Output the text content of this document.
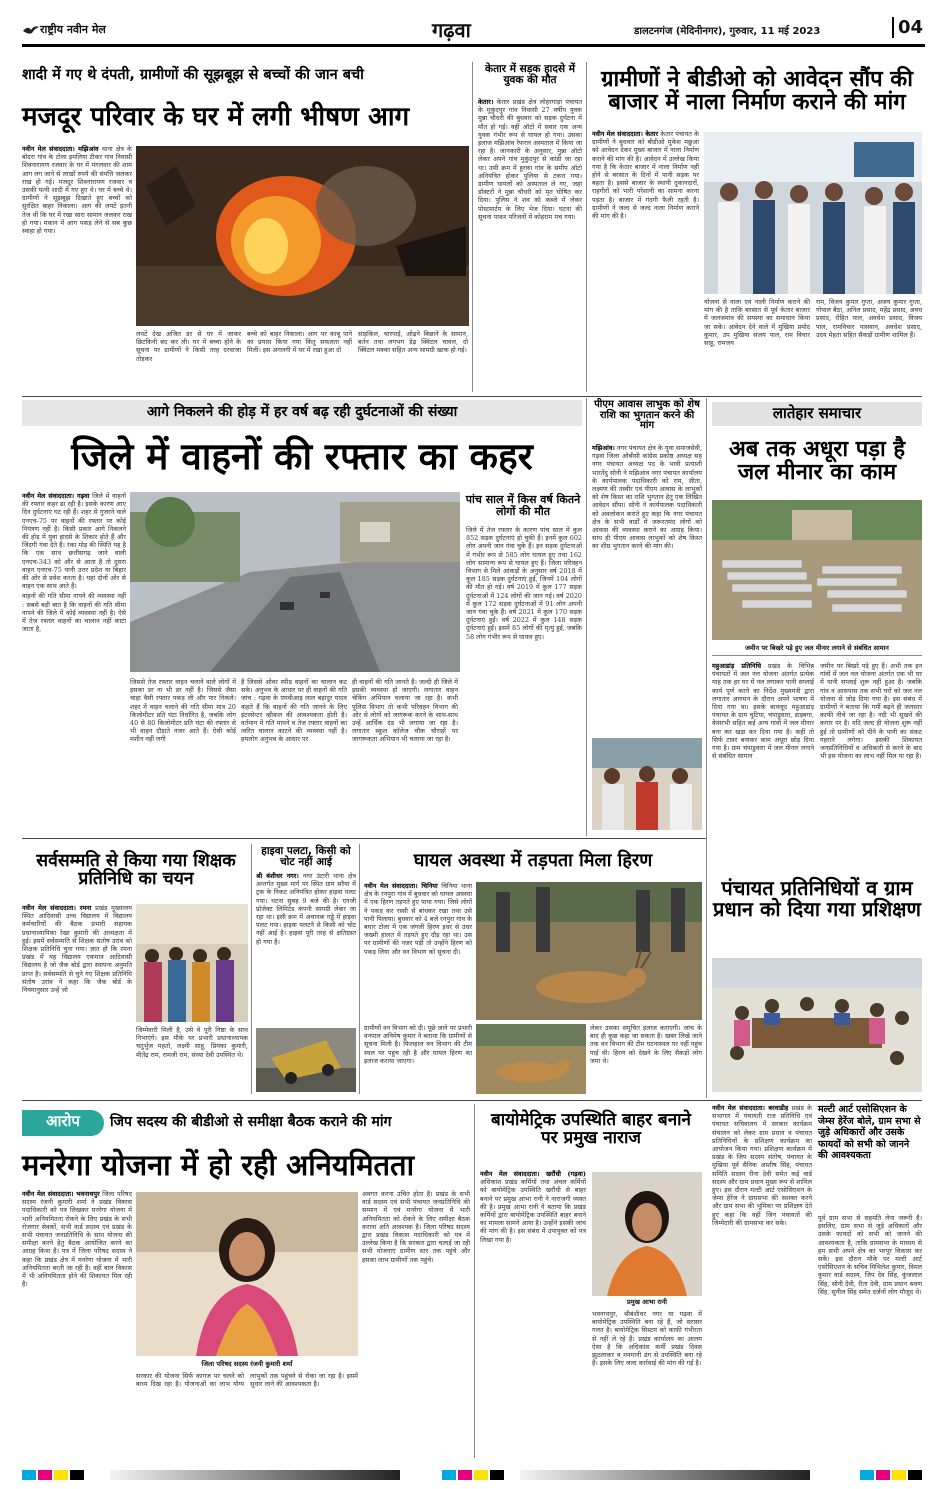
राष्ट्रीय नवीन मेल	गढ़वा	डालटनगंज (मेदिनीनगर), गुरुवार, 11 मई 2023	04
शादी में गए थे दंपती, ग्रामीणों की सूझबूझ से बच्चों की जान बची
मजदूर परिवार के घर में लगी भीषण आग

नवीन मेल संवाददाता। मझिआंव थाना क्षेत्र के बोदरा गांव के टोला इमलिया टीकर गांव निवासी शिवनारायण रजवार के घर में मंगलवार की शाम आग लग जाने से लाखों रुपये की संपत्ति जलकर राख हो गई। मजदूर शिवनारायण रजवार व उसकी पत्नी शादी में गए हुए थे। घर में बच्चे थे। ग्रामीणों ने सूझबूझ दिखाते हुए बच्चों को सुरक्षित बाहर निकाला। आग की लपटें इतनी तेज थीं कि घर में रखा सारा सामान जलकर राख हो गया। मकान में आग पकड़ लेने से सब कुछ स्वाहा हो गया।

लपटें देख अजित डर से घर में जाकर छिटकिनी बंद कर ली। घर में बच्चा होने के सूचना पर ग्रामीणों ने किसी तरह दरवाजा तोड़कर

बच्चे को बाहर निकाला। आग पर काबू पाने का प्रयास किया गया किंतु सफलता नहीं मिली। इस अगलगी में घर में रखा हुआ दो

साइकिल, चारपाई, ओढ़ने बिछाने के सामान, बर्तन तथा लगभग डेढ़ क्विंटल चावल, दो क्विंटल मक्का सहित अन्य सामग्री खाक हो गई।

केतार में सड़क हादसे में युवक की मौत

केतार। केतार प्रखंड क्षेत्र लोहरगाड़ा पंचायत के मुकुंदपुर गांव निवासी 27 वर्षीय युवक मुन्ना चौधरी की बुधवार को सड़क दुर्घटना में मौत हो गई। वहीं ऑटो में सवार एक अन्य युवक गंभीर रूप से घायल हो गया। उसका इलाज मझिआंव रेफरल अस्पताल में किया जा रहा है। जानकारी के अनुसार, मुन्ना ऑटो लेकर अपने गांव मुकुंदपुर से कांडी जा रहा था। उसी क्रम में हुरका गांव के समीप ऑटो अनियंत्रित होकर पुलिया से टकरा गया। ग्रामीण घायलों को अस्पताल ले गए, जहां डॉक्टरों ने मुन्ना चौधरी को मृत घोषित कर दिया। पुलिस ने शव को कब्जे में लेकर पोस्टमार्टम के लिए भेज दिया। घटना की सूचना पाकर परिजनों में कोहराम मच गया।

ग्रामीणों ने बीडीओ को आवेदन सौंप की बाजार में नाला निर्माण कराने की मांग

नवीन मेल संवाददाता। केतार केतार पंचायत के ग्रामीणों ने बुधवार को बीडीओ मुकेश मछुआ को आवेदन देकर मुख्य बाजार में नाला निर्माण कराने की मांग की है। आवेदन में उल्लेख किया गया है कि केतार बाजार में नाला निर्माण नहीं होने से बरसात के दिनों में पानी सड़क पर बहता है। इससे बाजार के स्थायी दुकानदारों, राहगीरों को भारी परेशानी का सामना करना पड़ता है। बाजार में गंदगी फैली रहती है। ग्रामीणों ने जल्द से जल्द नाला निर्माण कराने की मांग की है।

योजना से नाला एवं नाली निर्माण कराने की मांग की है ताकि बरसात से पूर्व केतार बाजार में जलजमाव की समस्या का समाधान किया जा सके। आवेदन देने वाले में मुखिया प्रमोद कुमार, उप मुखिया संजय पाल, राम विचार साहू, रामजय

राम, विजय कुमार गुप्ता, अजय कुमार गुप्ता, गोपाल बैठा, अनिल प्रसाद, महेंद्र प्रसाद, अवध प्रसाद, रोहित पाल, अवधेश प्रसाद, विजय पाल, रामविचार पासवान, अवधेश प्रसाद, उदय मेहता सहित सैकड़ों ग्रामीण शामिल हैं।

आगे निकलने की होड़ में हर वर्ष बढ़ रही दुर्घटनाओं की संख्या
जिले में वाहनों की रफ्तार का कहर

नवीन मेल संवाददाता। गढ़वा जिले में वाहनों की रफ्तार कहर ढा रही है। इसके कारण आए दिन दुर्घटनाएं घट रही हैं। शहर से गुजरने वाले एनएच-75 पर वाहनों की रफ्तार पर कोई नियंत्रण नहीं है। किसी प्रकार आगे निकलने की होड़ में युवा हादसे के शिकार होते हैं और जिंदगी गंवा देते हैं। रंका मोड़ की स्थिति यह है कि एक साथ छत्तीसगढ़ जाने वाली एनएच-343 को और से आता है तो दूसरा वाहन एनएच-75 यानी उत्तर प्रदेश या बिहार की ओर से प्रवेश करता है। यहां दोनों ओर से वाहन एक साथ आते हैं।

वाहनों की गति सीमा नापने की व्यवस्था नहीं : सबसे बड़ी बात है कि वाहनों की गति सीमा नापने की जिले में कोई व्यवस्था नहीं है। ऐसे में तेज रफ्तार वाहनों का चालान नहीं काटा जाता है,

जिससे तेज रफ्तार वाहन चलाने वाले लोगों में इसका डर ना भी डर नहीं है। जिससे जैसा चाहा वैसी रफ्तार पकड़ ली और पार निकले। शहर में वाहन चलाने की गति सीमा मात्र 20 किलोमीटर प्रति घंटा निर्धारित है, जबकि लोग 40 से 80 किलोमीटर प्रति घंटा की रफ्तार से भी वाहन दौड़ाते नजर आते हैं। ऐसी कोई मशीन नहीं लगी

है जिससे ओवर स्पीड वाहनों का चालान कट सके। अनुभव के आधार पर ही वाहनों की गति जांच : गढ़वा के एमवीआइ लाल बहादुर यादव कहते हैं कि वाहनों की गति जानने के लिए इंटरसेप्टर व्हीकल की आवश्यकता होती है। वर्तमान में गति मापने व तेज रफ्तार वाहनों का त्वरित चालान काटने की व्यवस्था नहीं है। हमलोग अनुभव के आधार पर

ही वाहनों की गति जानते हैं। जल्दी ही जिले में इसकी व्यवस्था हो जाएगी। लगातार वाहन चेकिंग अभियान चलाया जा रहा है। कभी पुलिस विभाग तो कभी परिवहन विभाग की ओर से लोगों को जागरूक करने के साथ-साथ उन्हें आर्थिक दंड भी लगाया जा रहा है। लगातार स्कूल कॉलेज चौक चौराहों पर जागरूकता अभियान भी चलाया जा रहा है।

पांच साल में किस वर्ष कितने लोगों की मौत

जिले में तेज रफ्तार के कारण पांच साल में कुल 852 सड़क दुर्घटनाएं हो चुकी हैं। इनमें कुल 602 लोग अपनी जान गंवा चुके हैं। इन सड़क दुर्घटनाओं में गंभीर रूप से 585 लोग घायल हुए तथा 162 लोग सामान्य रूप से घायल हुए हैं। जिला परिवहन विभाग से मिले आंकड़ों के अनुसार वर्ष 2018 में कुल 185 सड़क दुर्घटनाएं हुईं, जिनमें 104 लोगों की मौत हो गई। वर्ष 2019 में कुल 177 सड़क दुर्घटनाओं में 124 लोगों की जान गई। वर्ष 2020 में कुल 172 सड़क दुर्घटनाओं में 91 लोग अपनी जान गंवा चुके हैं। वर्ष 2021 में कुल 170 सड़क दुर्घटनाएं हुईं। वर्ष 2022 में कुल 148 सड़क दुर्घटनाएं हुईं। इसमें 85 लोगों की मृत्यु हुई, जबकि 58 लोग गंभीर रूप से घायल हुए।

पीएम आवास लाभुक को शेष राशि का भुगतान करने की मांग

मझिआंव। नगर पंचायत क्षेत्र के युवा समाजसेवी, गढ़वा जिला ओबीसी कांग्रेस प्रकोष्ठ अध्यक्ष सह नगर पंचायत अध्यक्ष पद के भावी प्रत्याशी भारतेंदु सोनी ने मझिआंव नगर पंचायत कार्यालय के कार्यपालक पदाधिकारी को राम, सीता, लक्ष्मण की तस्वीर एवं पीएम आवास के लाभुकों को शेष किस्त का राशि भुगतान हेतु एक लिखित आवेदन सौंपा। सोनी ने कार्यपालक पदाधिकारी को अवलोकन कराते हुए कहा कि नगर पंचायत क्षेत्र के सभी वार्डों में जरूरतमंद लोगों को आवास की व्यवस्था कराने का आग्रह किया। साथ ही पीएम आवास लाभुकों को शेष किस्त का शीघ्र भुगतान करने की मांग की।

लातेहार समाचार
अब तक अधूरा पड़ा है जल मीनार का काम
जमीन पर बिखरे पड़े हुए जल मीनार लगाने से संबंधित सामान

महुआडांड़ प्रतिनिधि प्रखंड के विभिन्न पंचायतों में जल नल योजना अंतर्गत प्रत्येक माह तक हर घर में नल लगाकर पानी सप्लाई कार्य पूर्ण करने का निर्देश मुख्यमंत्री द्वारा लगातार आगमन के दौरान अपने भाषण में दिया गया था। इसके बावजूद महुआडांड़ पंचायत के ग्राम चुटिया, चंपाडुवारा, डाड़बगा, केसरभी सहित कई अन्य गांवों में जल मीनार बना कर खड़ा कर दिया गया है। कहीं तो सिर्फ टावर बनाकर काम अधूरा छोड़ दिया गया है। ग्राम चंपाडुवारा में जल मीनार लगाने से संबंधित सामान

जमीन पर बिखरे पड़े हुए हैं। अभी तक इन गांवों में जल नल योजना अंतर्गत एक भी घर में पानी सप्लाई शुरू नहीं हुआ है। जबकि गांव व आसपास तक सभी घरों को जल नल योजना से जोड़ दिया गया है। इस संबंध में ग्रामीणों ने बताया कि गर्मी बढ़ने ही जलस्तर काफी नीचे जा रहा है। नदी भी सूखने की कगार पर है। यदि जल्द ही योजना शुरू नहीं हुई तो ग्रामीणों को पीने के पानी का संकट गहराने लगेगा। इसकी शिकायत जनप्रतिनिधियों व अधिकारी से करने के बाद भी इस योजना का लाभ नहीं मिल पा रहा है।

सर्वसम्मति से किया गया शिक्षक प्रतिनिधि का चयन

नवीन मेल संवाददाता। रमना प्रखंड मुख्यालय स्थित आदिवासी उच्च विद्यालय में विद्यालय कर्मचारियों की बैठक प्रभारी सहायक प्रधानाध्यापिका रेखा कुमारी की अध्यक्षता में हुई। इसमें सर्वसम्मति से शिक्षक संतोष उरांव को शिक्षक प्रतिनिधि चुना गया। ज्ञात हो कि रमना प्रखंड में यह विद्यालय एकमात्र आदिवासी विद्यालय है जो जैक बोर्ड द्वारा स्थापना अनुमति प्राप्त है। सर्वसम्मति से चुने गए शिक्षक प्रतिनिधि संतोष उरांव ने कहा कि जैक बोर्ड के नियमानुसार उन्हें जो

जिम्मेवारी मिली है, उसे वे पूरी निष्ठा के साथ निभाएंगे। इस मौके पर प्रभारी प्रधानाध्यापक चतुर्भुज महतो, लक्ष्मी साहू, प्रियंका कुमारी, मीतेंद्र राम, रामजी राम, संध्या देवी उपस्थित थे।

हाइवा पलटा, किसी को चोट नहीं आई

श्री बंशीधर नगर। नगर उंटारी थाना क्षेत्र अन्तर्गत मुख्य मार्ग पर स्थित ग्राम सरैया में ट्रक के निकट अनियंत्रित होकर हाइवा पलट गया। घटना सुबह 9 बजे की है। एनजी प्रोजेक्ट लिमिटेड कंपनी सामग्री लेकर जा रहा था। इसी क्रम में अचानक गड्ढे में हाइवा पलट गया। हाइवा पलटने से किसी को चोट नहीं आई है। हाइवा पूरी तरह से क्षतिग्रस्त हो गया है।

घायल अवस्था में तड़पता मिला हिरण

नवीन मेल संवाददाता। चिनिया चिनिया थाना क्षेत्र के रनपुरा गांव में बुधवार को घायल अवस्था में एक हिरण तड़पते हुए पाया गया। जिसे लोगों ने पकड़ कर रस्सी से बांधकर रखा तथा उसे पानी पिलाया। बुधवार को 4 बजे रनपुरा गांव के बघार टोला में एक जंगली हिरण इधर से उधर जख्मी हालत में तड़पते हुए दौड़ रहा था। उस पर ग्रामीणों की नजर पड़ी तो उन्होंने हिरण को पकड़ लिया और वन विभाग को सूचना दी।

ग्रामीणों वन विभाग को दी। पूछे जाने पर प्रभारी वनपाल अनिमेष कुमार ने बताया कि ग्रामीणों से सूचना मिली है। फिलहाल वन विभाग की टीम स्थल पर पहुंच रही है और घायल हिरण का इलाज कराया जाएगा।

लेकर उसका समुचित इलाज कराएगी। जांच के बाद ही कुछ कहा जा सकता है। खबर लिखे जाने तक वन विभाग की टीम घटनास्थल पर नहीं पहुंच पाई थी। हिरण को देखने के लिए सैकड़ों लोग जमा थे।

पंचायत प्रतिनिधियों व ग्राम प्रधान को दिया गया प्रशिक्षण

नवीन मेल संवाददाता। बरवाडीह प्रखंड के सभागार में पंचायती राज प्रतिनिधि एवं पंचायत सचिवालय में सरकार कार्यक्रम संचालन को लेकर ग्राम प्रधान व पंचायत प्रतिनिधियों के प्रशिक्षण कार्यक्रम का आयोजन किया गया। प्रशिक्षण कार्यक्रम में प्रखंड के जिप सदस्य संतोष, पंचायत के मुखिया पूर्व सैनिक आशीष सिंह, पंचायत समिति सदस्य रीना देवी समेत कई वार्ड सदस्य और ग्राम प्रधान मुख्य रूप से शामिल हुए। इस दौरान मल्टी आर्ट एसोसिएशन के जेम्स हेरेंज ने ग्रामसभा की सशक्त करने और ग्राम सभा की भूमिका पर प्रशिक्षण देते हुए कहा कि वहीं जिन पंचायतों की जिम्मेदारी की ग्रामसभा कर सके।

मल्टी आर्ट एसोसिएशन के जेम्स हेरेंज बोले, ग्राम सभा से जुड़े अधिकारों और उसके फायदों को सभी को जानने की आवश्यकता

पूर्व ग्राम सभा से सहमति लेना जरूरी है। इसलिए, ग्राम सभा से जुड़े अधिकारों और उसके फायदों को सभी को जानने की आवश्यकता है, ताकि ग्रामसभा के माध्यम से हम सभी अपने क्षेत्र का भरपूर विकास कर सकें। इस दौरान मौके पर मल्टी आर्ट एसोसिएशन के सचिव मिथिलेश कुमार, विमल कुमार वार्ड सदस्य, जिप देव सिंह, कुंजलाल सिंह, सोनी देवी, रीता देवी, ग्राम प्रधान श्रवण सिंह, सुनील सिंह समेत दर्जनों लोग मौजूद थे।

आरोप	जिप सदस्य की बीडीओ से समीक्षा बैठक कराने की मांग
मनरेगा योजना में हो रही अनियमितता

नवीन मेल संवाददाता। भवनाथपुर जिला परिषद सदस्य रंजनी कुमारी शर्मा ने प्रखंड विकास पदाधिकारी को पत्र लिखकर मनरेगा योजना में भारी अनियमितता रोकने के लिए प्रखंड के सभी रोजगार सेवकों, सभी वार्ड सदस्य एवं प्रखंड के सभी पंचायत जनप्रतिनिधि के साथ योजना की समीक्षा करने हेतु बैठक आयोजित करने का आग्रह किया है। पत्र में जिला परिषद सदस्य ने कहा कि प्रखंड क्षेत्र में मनरेगा योजना में भारी अनियमितता बरती जा रही है। वहीं बाल विकास में भी अनियमितता होने की शिकायत मिल रही है।

जिला परिषद सदस्य रंजनी कुमारी शर्मा

सरकार की योजना सिर्फ कागज पर चलने को बाध्य दिख रहा है। योजनाओं का लाभ योग्य लाभुकों तक पहुंचने से रोका जा रहा है। इसमें सुधार लाने की आवश्यकता है।

अवगत करना उचित होता है। प्रखंड के सभी वार्ड सदस्य एवं सभी पंचायत जनप्रतिनिधि की सम्मान में एवं मनरेगा योजना में भारी अनियमितता को रोकने के लिए समीक्षा बैठक कराना अति आवश्यक है। जिला परिषद सदस्य द्वारा प्रखंड विकास पदाधिकारी को पत्र में उल्लेख किया है कि सरकार द्वारा चलाई जा रही सभी योजनाएं ग्रामीण स्तर तक पहुंचे और इसका लाभ ग्रामीणों तक पहुंचे।

बायोमेट्रिक उपस्थिति बाहर बनाने पर प्रमुख नाराज

नवीन मेल संवाददाता। खरौंधी (गढ़वा) अधिकांश प्रखंड कर्मियों तथा अंचल कर्मियों को बायोमेट्रिक उपस्थिति खरौंधी से बाहर बनाने पर प्रमुख आभा रानी ने नाराजगी व्यक्त की है। प्रमुख आभा रानी ने बताया कि प्रखंड कर्मियों द्वारा बायोमेट्रिक उपस्थिति बाहर बनाने का मामला सामने आया है। उन्होंने इसकी जांच की मांग की है। इस संबंध में उपायुक्त को पत्र लिखा गया है।

प्रमुख आभा रानी

भवनाथपुर, श्रीबंशीधर नगर या गढ़वा में बायोमेट्रिक उपस्थिति बना रहे हैं, जो सरासर गलत है। बायोमेट्रिक सिस्टम को काफी गंभीरता से नहीं ले रहे हैं। प्रखंड कार्यालय का आलम ऐसा है कि अधिकांश कर्मी प्रखंड दिवस झुठलाकर व मनमानी ढंग से उपस्थिति बना रहे हैं। इसके लिए जल्द कार्रवाई की मांग की गई है।
